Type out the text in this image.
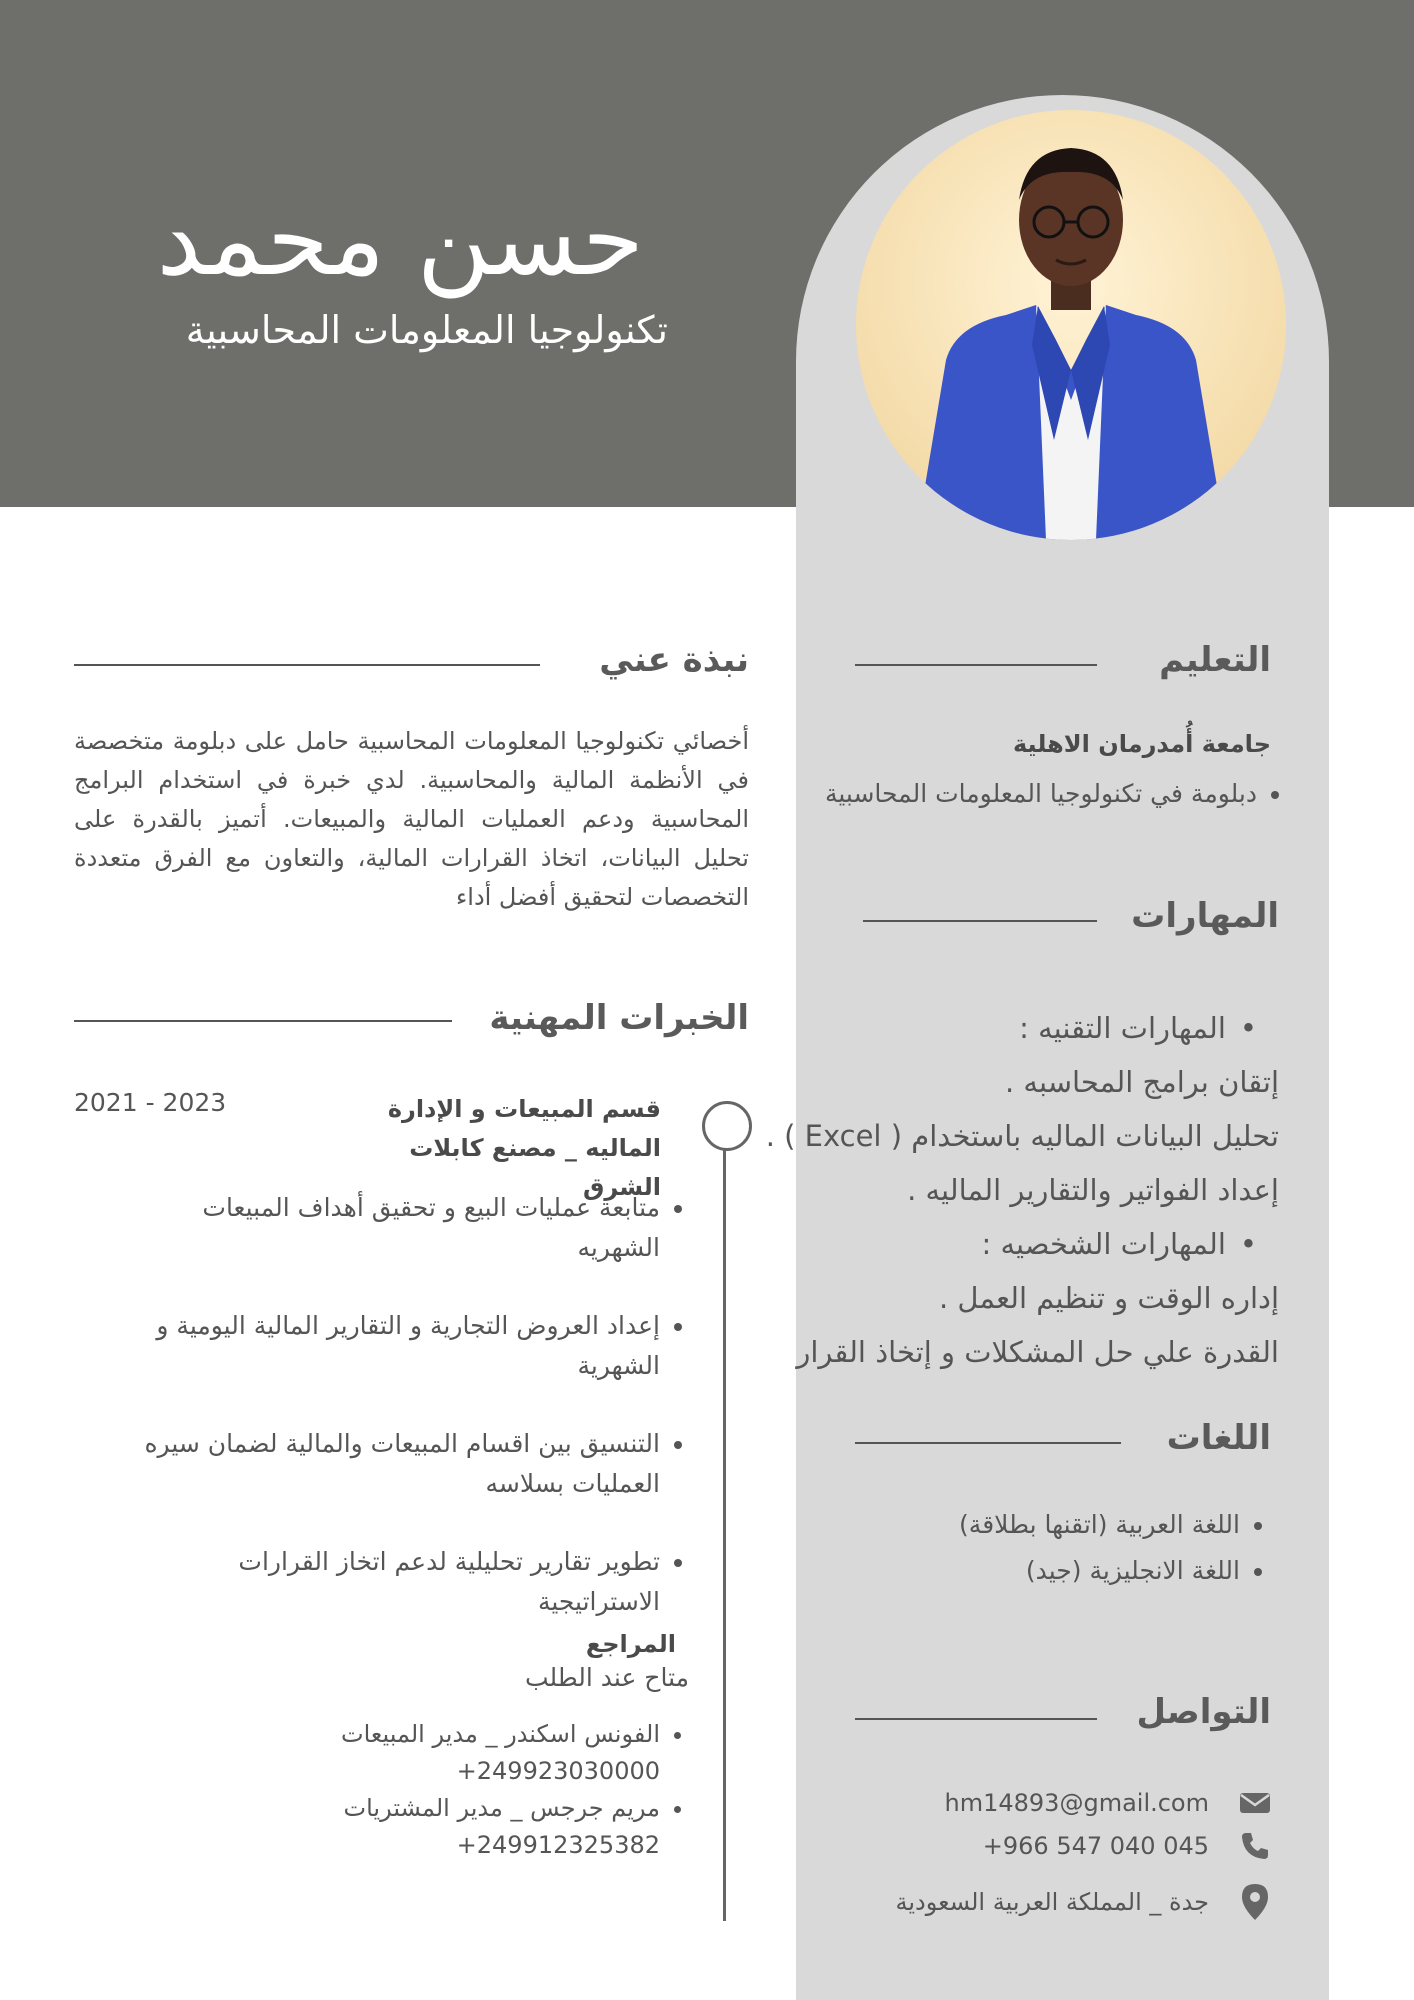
حسن محمد
تكنولوجيا المعلومات المحاسبية
نبذة عني
أخصائي تكنولوجيا المعلومات المحاسبية حامل على دبلومة متخصصة في الأنظمة المالية والمحاسبية. لدي خبرة في استخدام البرامج المحاسبية ودعم العمليات المالية والمبيعات. أتميز بالقدرة على تحليل البيانات، اتخاذ القرارات المالية، والتعاون مع الفرق متعددة التخصصات لتحقيق أفضل أداء
الخبرات المهنية
قسم المبيعات و الإدارة الماليه _ مصنع كابلات الشرق
2021 - 2023
• متابعة عمليات البيع و تحقيق أهداف المبيعات الشهريه
• إعداد العروض التجارية و التقارير المالية اليومية و الشهرية
• التنسيق بين اقسام المبيعات والمالية لضمان سيره العمليات بسلاسه
• تطوير تقارير تحليلية لدعم اتخاز القرارات الاستراتيجية
المراجع
متاح عند الطلب
• الفونس اسكندر _ مدير المبيعات
+249923030000
• مريم جرجس _ مدير المشتريات
+249912325382
التعليم
جامعة أُمدرمان الاهلية
• دبلومة في تكنولوجيا المعلومات المحاسبية
المهارات
• المهارات التقنيه :
إتقان برامج المحاسبه .
تحليل البيانات الماليه باستخدام ( Excel ) .
إعداد الفواتير والتقارير الماليه .
• المهارات الشخصيه :
إداره الوقت و تنظيم العمل .
القدرة علي حل المشكلات و إتخاذ القرار
اللغات
• اللغة العربية (اتقنها بطلاقة)
• اللغة الانجليزية (جيد)
التواصل
hm14893@gmail.com
+966 547 040 045
جدة _ المملكة العربية السعودية
